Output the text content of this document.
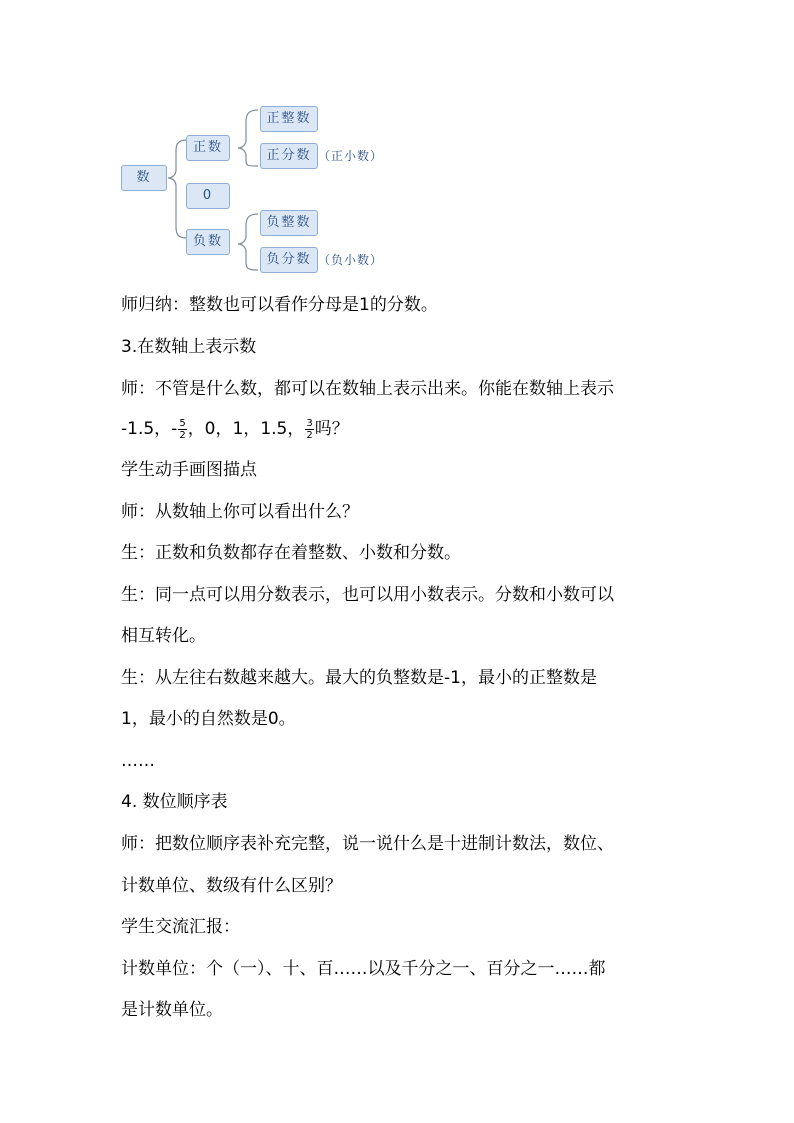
数
正数
0
负数
正整数
正分数 （正小数）
负整数
负分数 （负小数）
师归纳：整数也可以看作分母是1的分数。
3.在数轴上表示数
师：不管是什么数，都可以在数轴上表示出来。你能在数轴上表示
-1.5，- $\frac{5}{2}$ ，0，1，1.5， $\frac{3}{2}$ 吗？
学生动手画图描点
师：从数轴上你可以看出什么？
生：正数和负数都存在着整数、小数和分数。
生：同一点可以用分数表示，也可以用小数表示。分数和小数可以
相互转化。
生：从左往右数越来越大。最大的负整数是-1，最小的正整数是
1，最小的自然数是0。
……
4. 数位顺序表
师：把数位顺序表补充完整，说一说什么是十进制计数法，数位、
计数单位、数级有什么区别？
学生交流汇报：
计数单位：个（一）、十、百……以及千分之一、百分之一……都
是计数单位。
